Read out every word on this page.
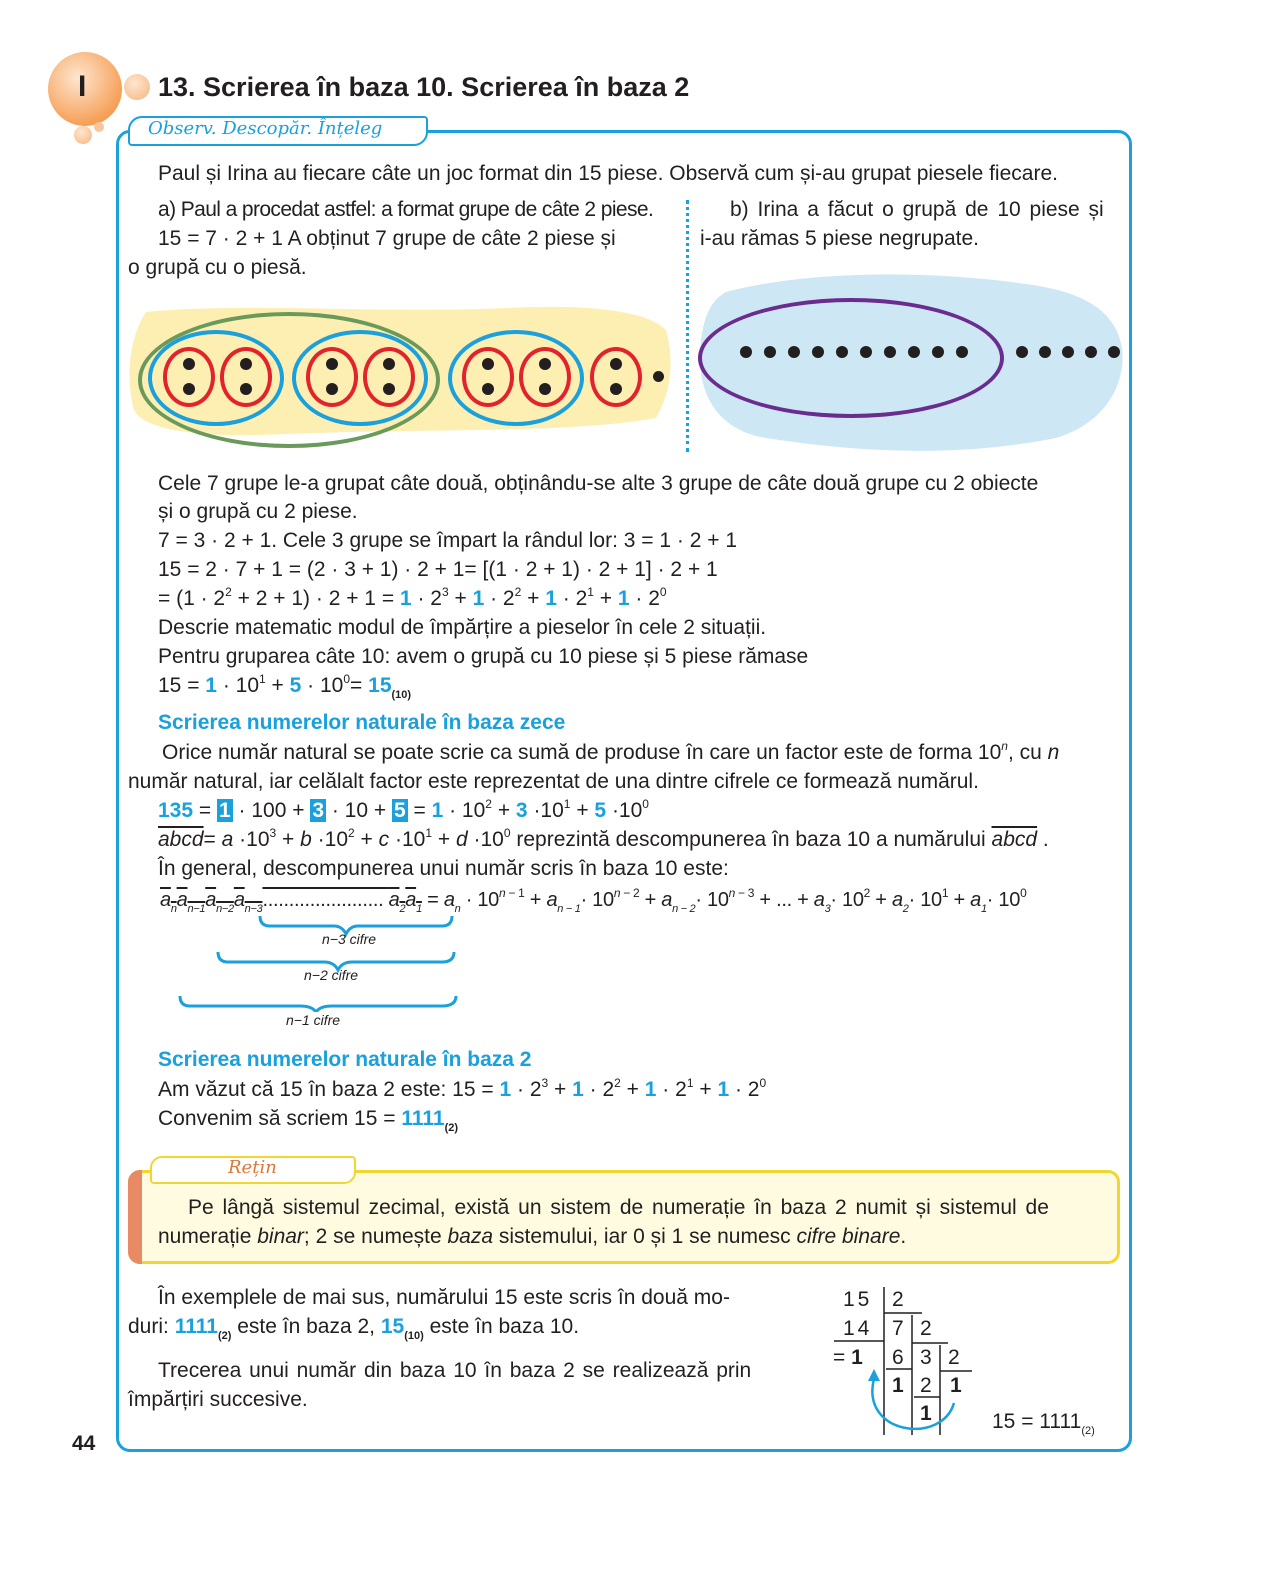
I	13. Scrierea în baza 10. Scrierea în baza 2
Observ. Descopăr. Înțeleg
Paul și Irina au fiecare câte un joc format din 15 piese. Observă cum și-au grupat piesele fiecare.
a) Paul a procedat astfel: a format grupe de câte 2 piese.
15 = 7 · 2 + 1 A obținut 7 grupe de câte 2 piese și
o grupă cu o piesă.
b) Irina a făcut o grupă de 10 piese și
i-au rămas 5 piese negrupate.
Cele 7 grupe le-a grupat câte două, obținându-se alte 3 grupe de câte două grupe cu 2 obiecte
și o grupă cu 2 piese.
7 = 3 · 2 + 1. Cele 3 grupe se împart la rândul lor: 3 = 1 · 2 + 1
15 = 2 · 7 + 1 = (2 · 3 + 1) · 2 + 1= [(1 · 2 + 1) · 2 + 1] · 2 + 1
= $(1 \cdot 2^2 + 2 + 1) \cdot 2 + 1 = 1 \cdot 2^3 + 1 \cdot 2^2 + 1 \cdot 2^1 + 1 \cdot 2^0$
Descrie matematic modul de împărțire a pieselor în cele 2 situații.
Pentru gruparea câte 10: avem o grupă cu 10 piese și 5 piese rămase
$15 = 1 \cdot 10^1 + 5 \cdot 10^0= 15_{(10)}$
Scrierea numerelor naturale în baza zece
Orice număr natural se poate scrie ca sumă de produse în care un factor este de forma 10$^n$, cu n
număr natural, iar celălalt factor este reprezentat de una dintre cifrele ce formează numărul.
$135 = 1 \cdot 100 + 3 \cdot 10 + 5 = 1 \cdot 10^2 + 3 \cdot 10^1 + 5 \cdot 10^0$
abcd= $a \cdot 10^3 + b \cdot 10^2 + c \cdot 10^1 + d \cdot 10^0$ reprezintă descompunerea în baza 10 a numărului abcd .
În general, descompunerea unui număr scris în baza 10 este:
$a_na_{n-1}a_{n-2}a_{n-3}$....................... $a_2a_1 = a_n \cdot 10^{n - 1} + a_{n - 1}\cdot 10^{n - 2} + a_{n - 2}\cdot 10^{n - 3}$ + ... + $a_3\cdot 10^2 + a_2\cdot 10^1 + a_1\cdot 10^0$
n−3 cifre
n−2 cifre
n−1 cifre
Scrierea numerelor naturale în baza 2
Am văzut că 15 în baza 2 este: $15 = 1 \cdot 2^3 + 1 \cdot 2^2 + 1 \cdot 2^1 + 1 \cdot 2^0$
Convenim să scriem $15 = 1111_{(2)}$
Rețin
Pe lângă sistemul zecimal, există un sistem de numerație în baza 2 numit și sistemul de
numerație binar; 2 se numește baza sistemului, iar 0 și 1 se numesc cifre binare.
În exemplele de mai sus, numărului 15 este scris în două mo-
duri: $1111_{(2)}$ este în baza 2, $15_{(10)}$ este în baza 10.
Trecerea unui număr din baza 10 în baza 2 se realizează prin
împărțiri succesive.
15 2
14 7 2
= 1 6 3 2
1 2 1
1	$15 = 1111_{(2)}$
44
